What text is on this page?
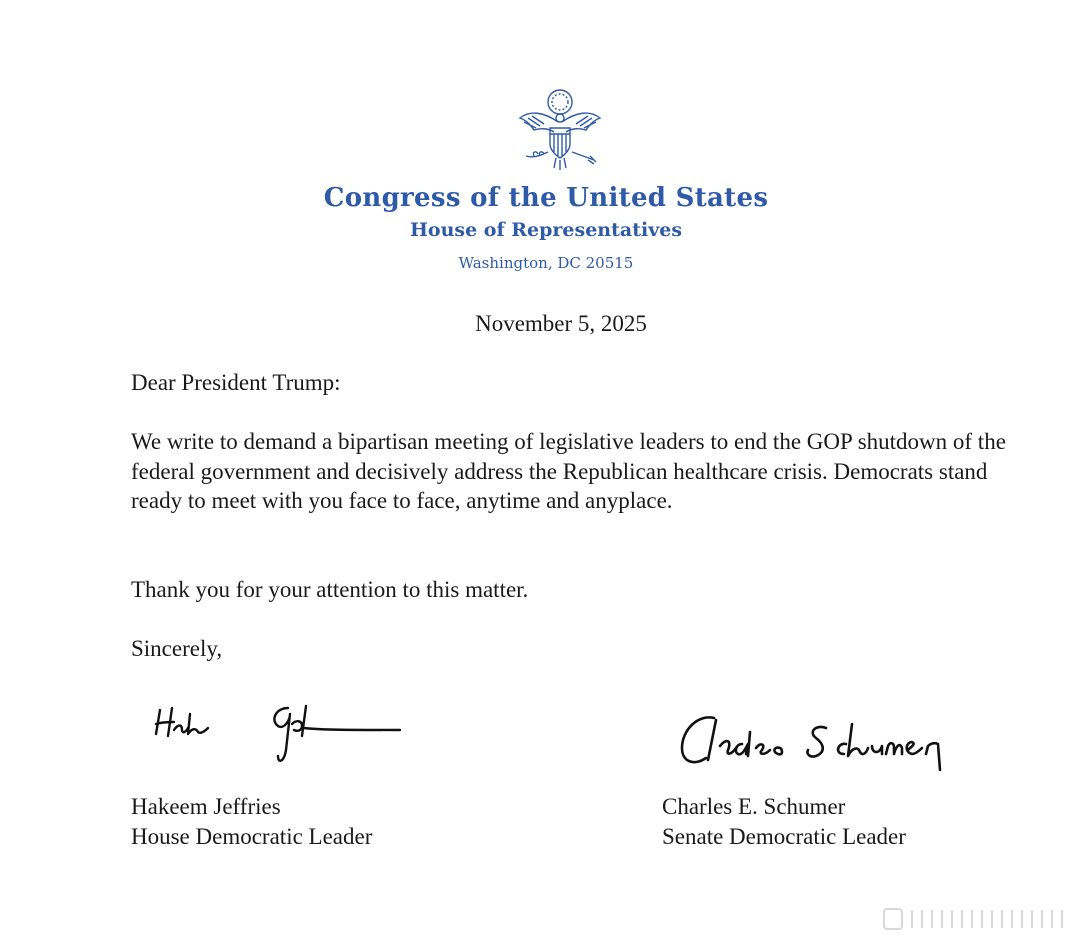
Congress of the United States
House of Representatives
Washington, DC 20515
November 5, 2025
Dear President Trump:
We write to demand a bipartisan meeting of legislative leaders to end the GOP shutdown of the federal government and decisively address the Republican healthcare crisis. Democrats stand ready to meet with you face to face, anytime and anyplace.
Thank you for your attention to this matter.
Sincerely,
Hakeem Jeffries
House Democratic Leader
Charles E. Schumer
Senate Democratic Leader
